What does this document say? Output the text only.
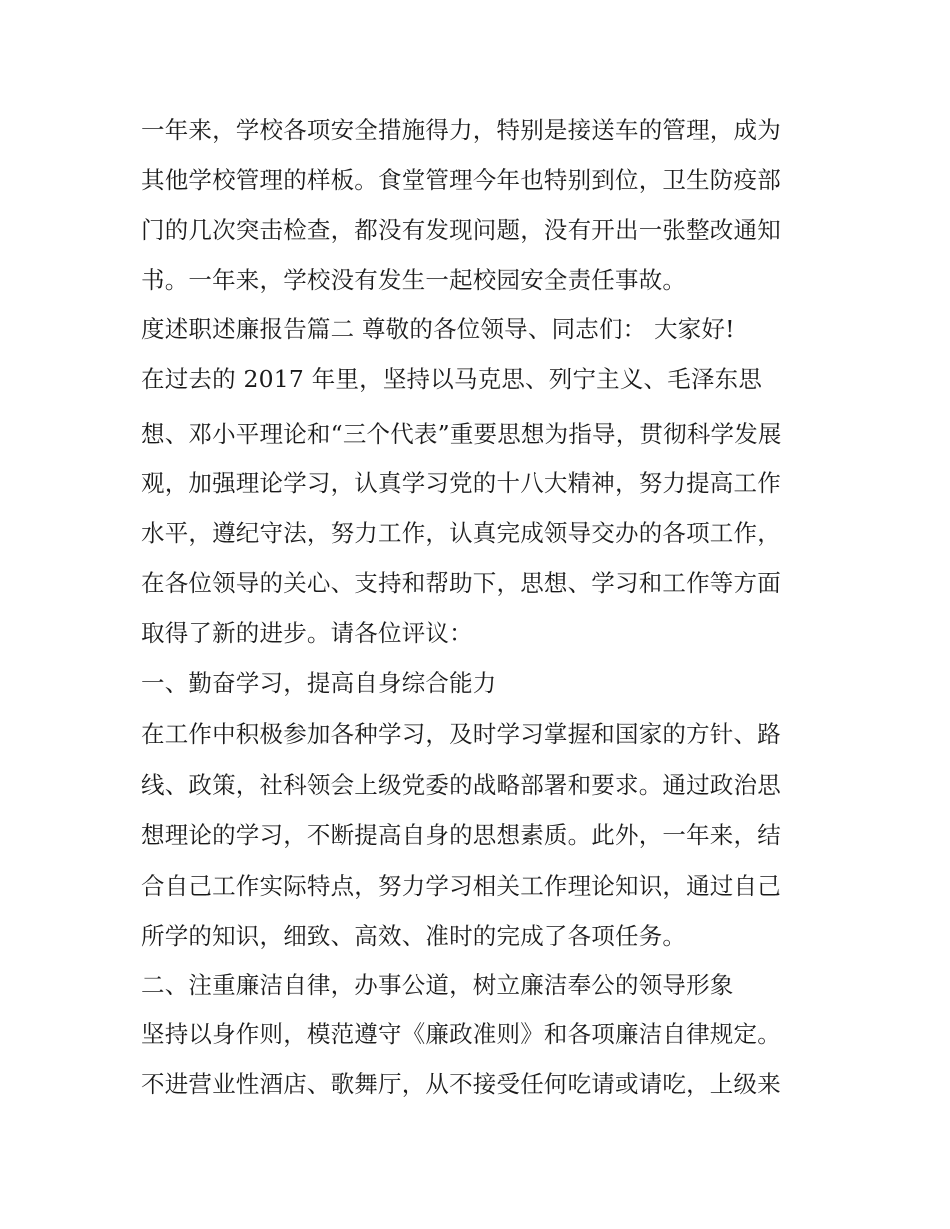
一年来，学校各项安全措施得力，特别是接送车的管理，成为
其他学校管理的样板。食堂管理今年也特别到位，卫生防疫部
门的几次突击检查，都没有发现问题，没有开出一张整改通知
书。一年来，学校没有发生一起校园安全责任事故。
度述职述廉报告篇二 尊敬的各位领导、同志们： 大家好!
在过去的 2017 年里，坚持以马克思、列宁主义、毛泽东思
想、邓小平理论和“三个代表”重要思想为指导，贯彻科学发展
观，加强理论学习，认真学习党的十八大精神，努力提高工作
水平，遵纪守法，努力工作，认真完成领导交办的各项工作，
在各位领导的关心、支持和帮助下，思想、学习和工作等方面
取得了新的进步。请各位评议：
一、勤奋学习，提高自身综合能力
在工作中积极参加各种学习，及时学习掌握和国家的方针、路
线、政策，社科领会上级党委的战略部署和要求。通过政治思
想理论的学习，不断提高自身的思想素质。此外，一年来，结
合自己工作实际特点，努力学习相关工作理论知识，通过自己
所学的知识，细致、高效、准时的完成了各项任务。
二、注重廉洁自律，办事公道，树立廉洁奉公的领导形象
坚持以身作则，模范遵守《廉政准则》和各项廉洁自律规定。
不进营业性酒店、歌舞厅，从不接受任何吃请或请吃，上级来
